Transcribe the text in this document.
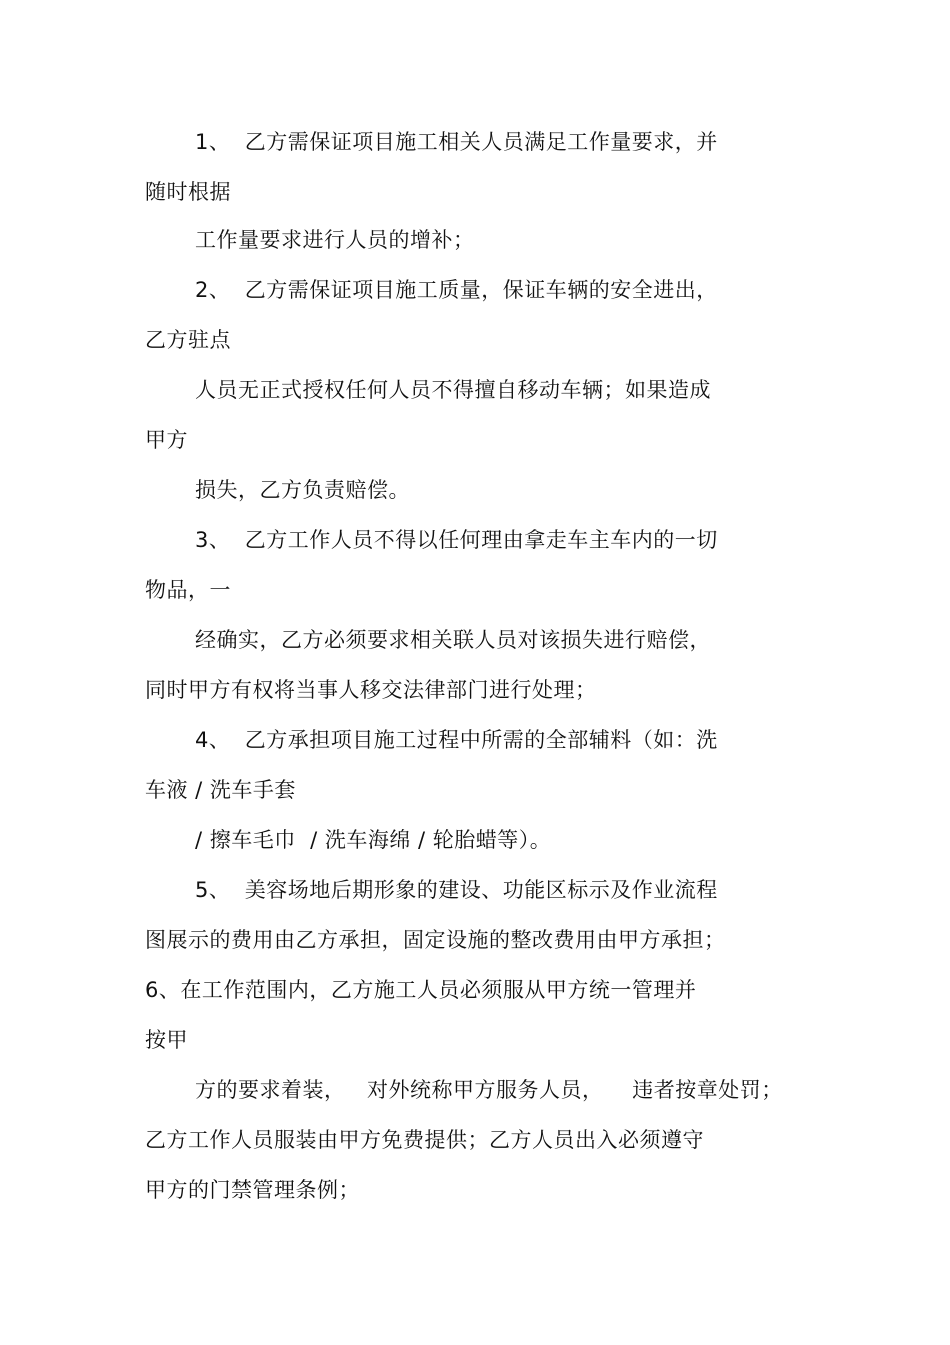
1、  乙方需保证项目施工相关人员满足工作量要求，并
随时根据
工作量要求进行人员的增补；
2、  乙方需保证项目施工质量，保证车辆的安全进出，
乙方驻点
人员无正式授权任何人员不得擅自移动车辆；如果造成
甲方
损失，乙方负责赔偿。
3、  乙方工作人员不得以任何理由拿走车主车内的一切
物品，一
经确实，乙方必须要求相关联人员对该损失进行赔偿，
同时甲方有权将当事人移交法律部门进行处理；
4、  乙方承担项目施工过程中所需的全部辅料（如：洗
车液 / 洗车手套
/ 擦车毛巾  / 洗车海绵 / 轮胎蜡等）。
5、  美容场地后期形象的建设、功能区标示及作业流程
图展示的费用由乙方承担，固定设施的整改费用由甲方承担；
6、在工作范围内，乙方施工人员必须服从甲方统一管理并
按甲
方的要求着装，   对外统称甲方服务人员，    违者按章处罚；
乙方工作人员服装由甲方免费提供；乙方人员出入必须遵守
甲方的门禁管理条例；
